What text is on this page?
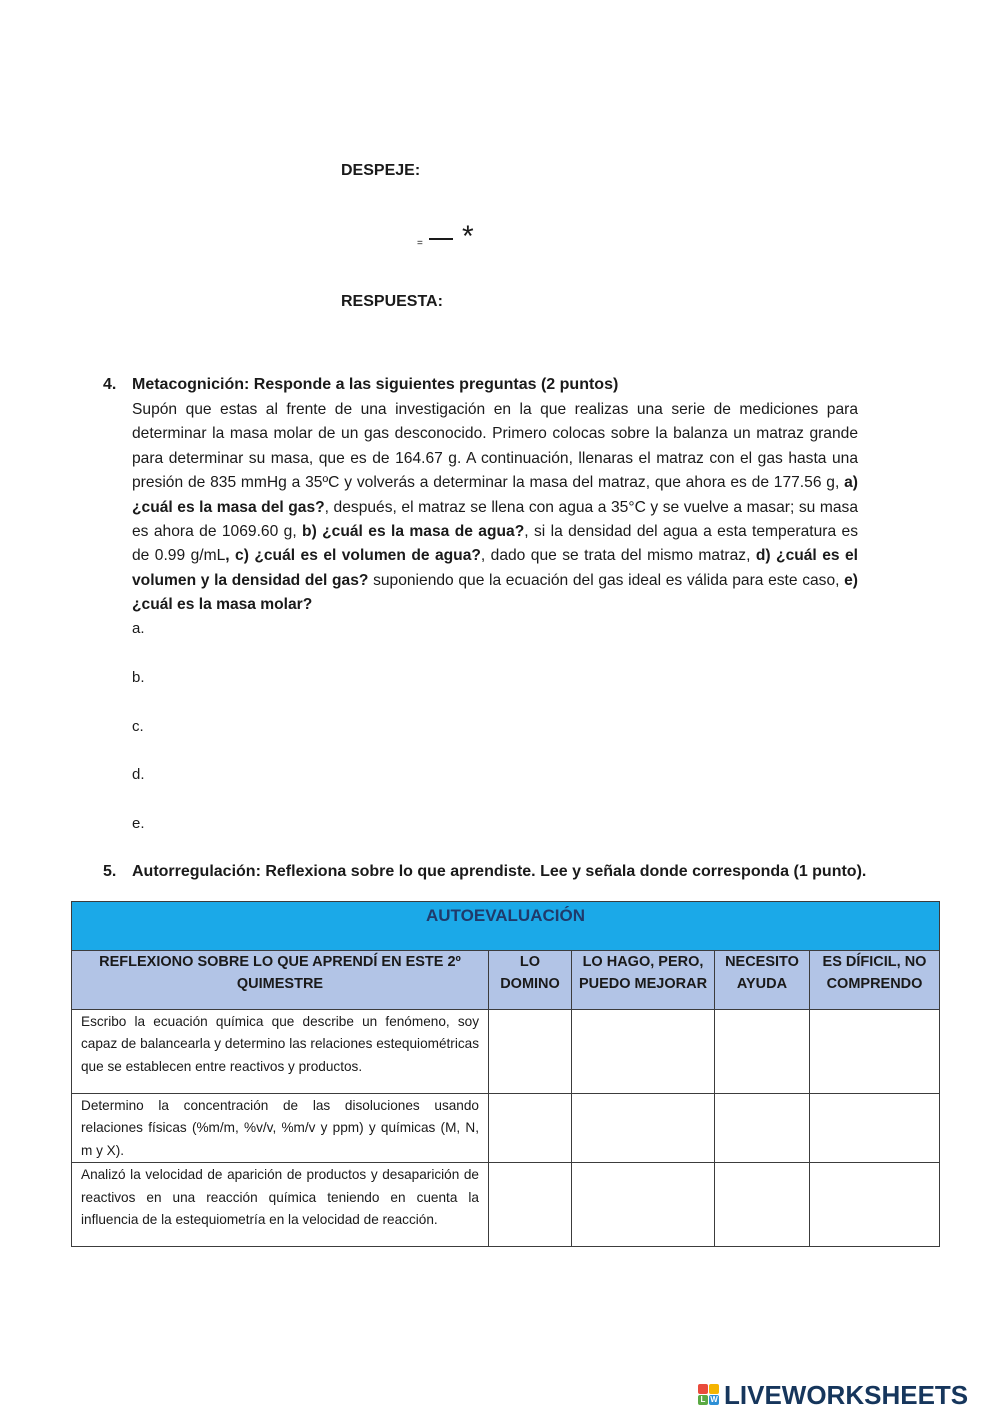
DESPEJE:
= *
RESPUESTA:
4. Metacognición: Responde a las siguientes preguntas (2 puntos)
Supón que estas al frente de una investigación en la que realizas una serie de mediciones para determinar la masa molar de un gas desconocido. Primero colocas sobre la balanza un matraz grande para determinar su masa, que es de 164.67 g. A continuación, llenaras el matraz con el gas hasta una presión de 835 mmHg a 35ºC y volverás a determinar la masa del matraz, que ahora es de 177.56 g, a) ¿cuál es la masa del gas?, después, el matraz se llena con agua a 35°C y se vuelve a masar; su masa es ahora de 1069.60 g, b) ¿cuál es la masa de agua?, si la densidad del agua a esta temperatura es de 0.99 g/mL, c) ¿cuál es el volumen de agua?, dado que se trata del mismo matraz, d) ¿cuál es el volumen y la densidad del gas? suponiendo que la ecuación del gas ideal es válida para este caso, e) ¿cuál es la masa molar?
a.
b.
c.
d.
e.
5. Autorregulación: Reflexiona sobre lo que aprendiste. Lee y señala donde corresponda (1 punto).
AUTOEVALUACIÓN				
REFLEXIONO SOBRE LO QUE APRENDÍ EN ESTE 2º QUIMESTRE	LO DOMINO	LO HAGO, PERO, PUEDO MEJORAR	NECESITO AYUDA	ES DÍFICIL, NO COMPRENDO
Escribo la ecuación química que describe un fenómeno, soy capaz de balancearla y determino las relaciones estequiométricas que se establecen entre reactivos y productos.				
Determino la concentración de las disoluciones usando relaciones físicas (%m/m, %v/v, %m/v y ppm) y químicas (M, N, m y X).				
Analizó la velocidad de aparición de productos y desaparición de reactivos en una reacción química teniendo en cuenta la influencia de la estequiometría en la velocidad de reacción.				
L W LIVEWORKSHEETS
